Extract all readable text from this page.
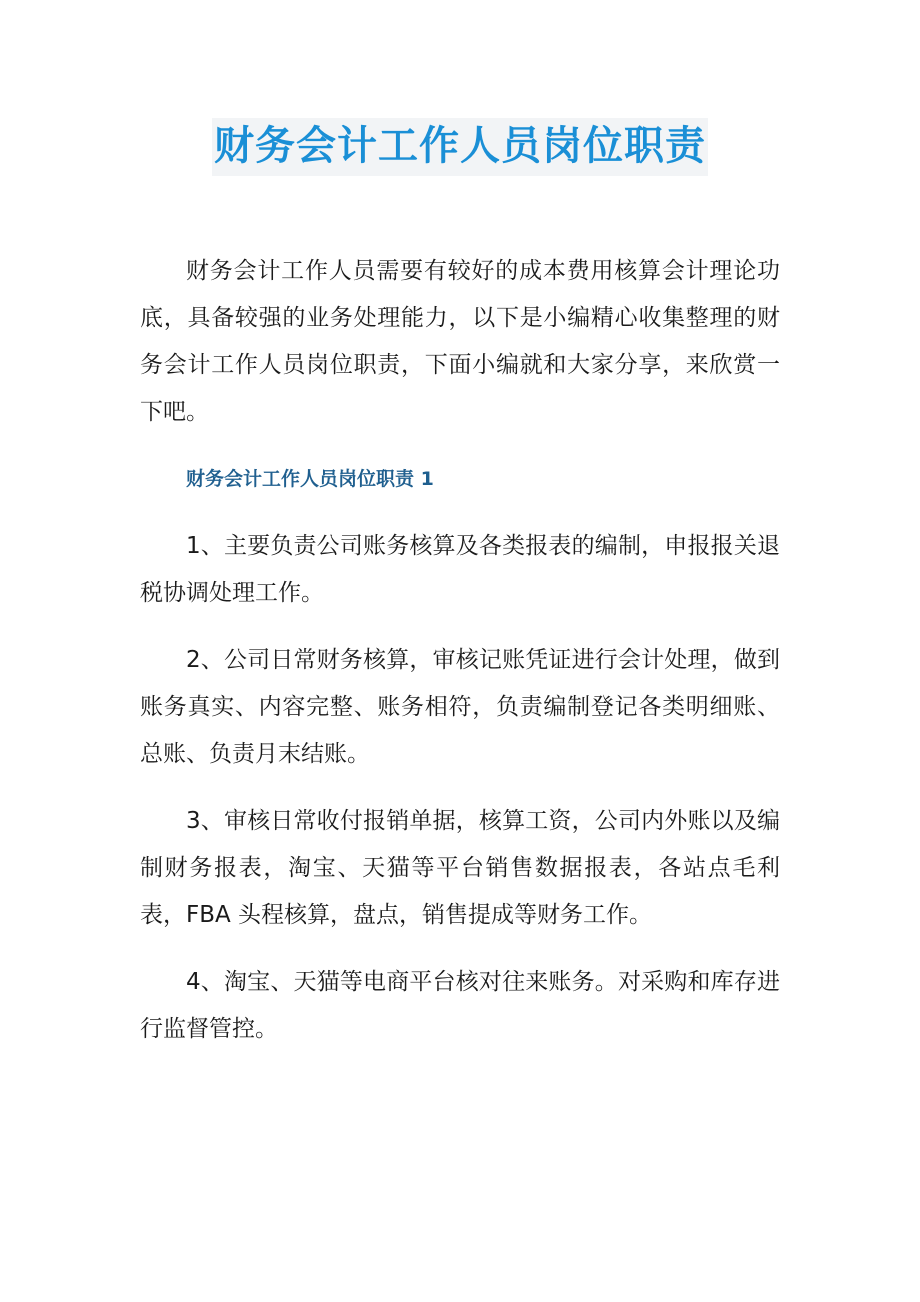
财务会计工作人员岗位职责

财务会计工作人员需要有较好的成本费用核算会计理论功底，具备较强的业务处理能力，以下是小编精心收集整理的财务会计工作人员岗位职责，下面小编就和大家分享，来欣赏一下吧。

财务会计工作人员岗位职责 1

1、主要负责公司账务核算及各类报表的编制，申报报关退税协调处理工作。

2、公司日常财务核算，审核记账凭证进行会计处理，做到账务真实、内容完整、账务相符，负责编制登记各类明细账、总账、负责月末结账。

3、审核日常收付报销单据，核算工资，公司内外账以及编制财务报表，淘宝、天猫等平台销售数据报表，各站点毛利表，FBA 头程核算，盘点，销售提成等财务工作。

4、淘宝、天猫等电商平台核对往来账务。对采购和库存进行监督管控。
